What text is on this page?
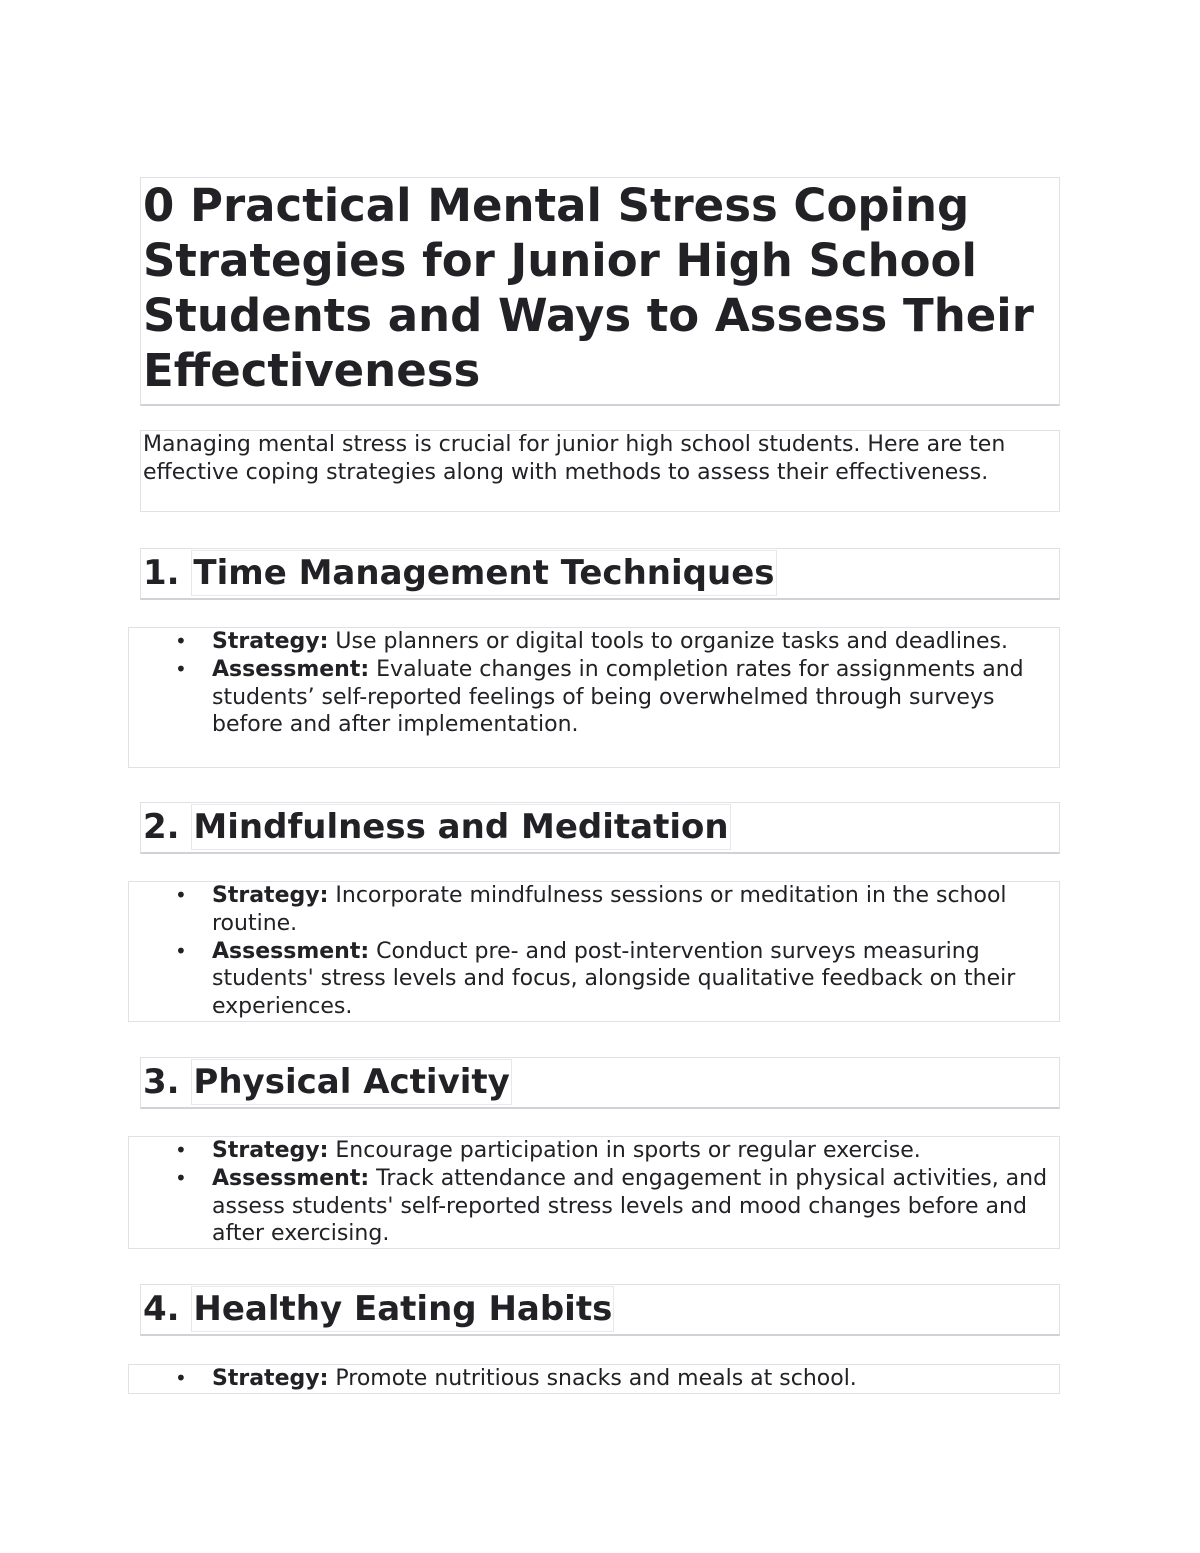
0 Practical Mental Stress Coping Strategies for Junior High School Students and Ways to Assess Their Effectiveness

Managing mental stress is crucial for junior high school students. Here are ten effective coping strategies along with methods to assess their effectiveness.

1. Time Management Techniques
• Strategy: Use planners or digital tools to organize tasks and deadlines.
• Assessment: Evaluate changes in completion rates for assignments and students’ self-reported feelings of being overwhelmed through surveys before and after implementation.
2. Mindfulness and Meditation
• Strategy: Incorporate mindfulness sessions or meditation in the school routine.
• Assessment: Conduct pre- and post-intervention surveys measuring students' stress levels and focus, alongside qualitative feedback on their experiences.
3. Physical Activity
• Strategy: Encourage participation in sports or regular exercise.
• Assessment: Track attendance and engagement in physical activities, and assess students' self-reported stress levels and mood changes before and after exercising.
4. Healthy Eating Habits
• Strategy: Promote nutritious snacks and meals at school.
